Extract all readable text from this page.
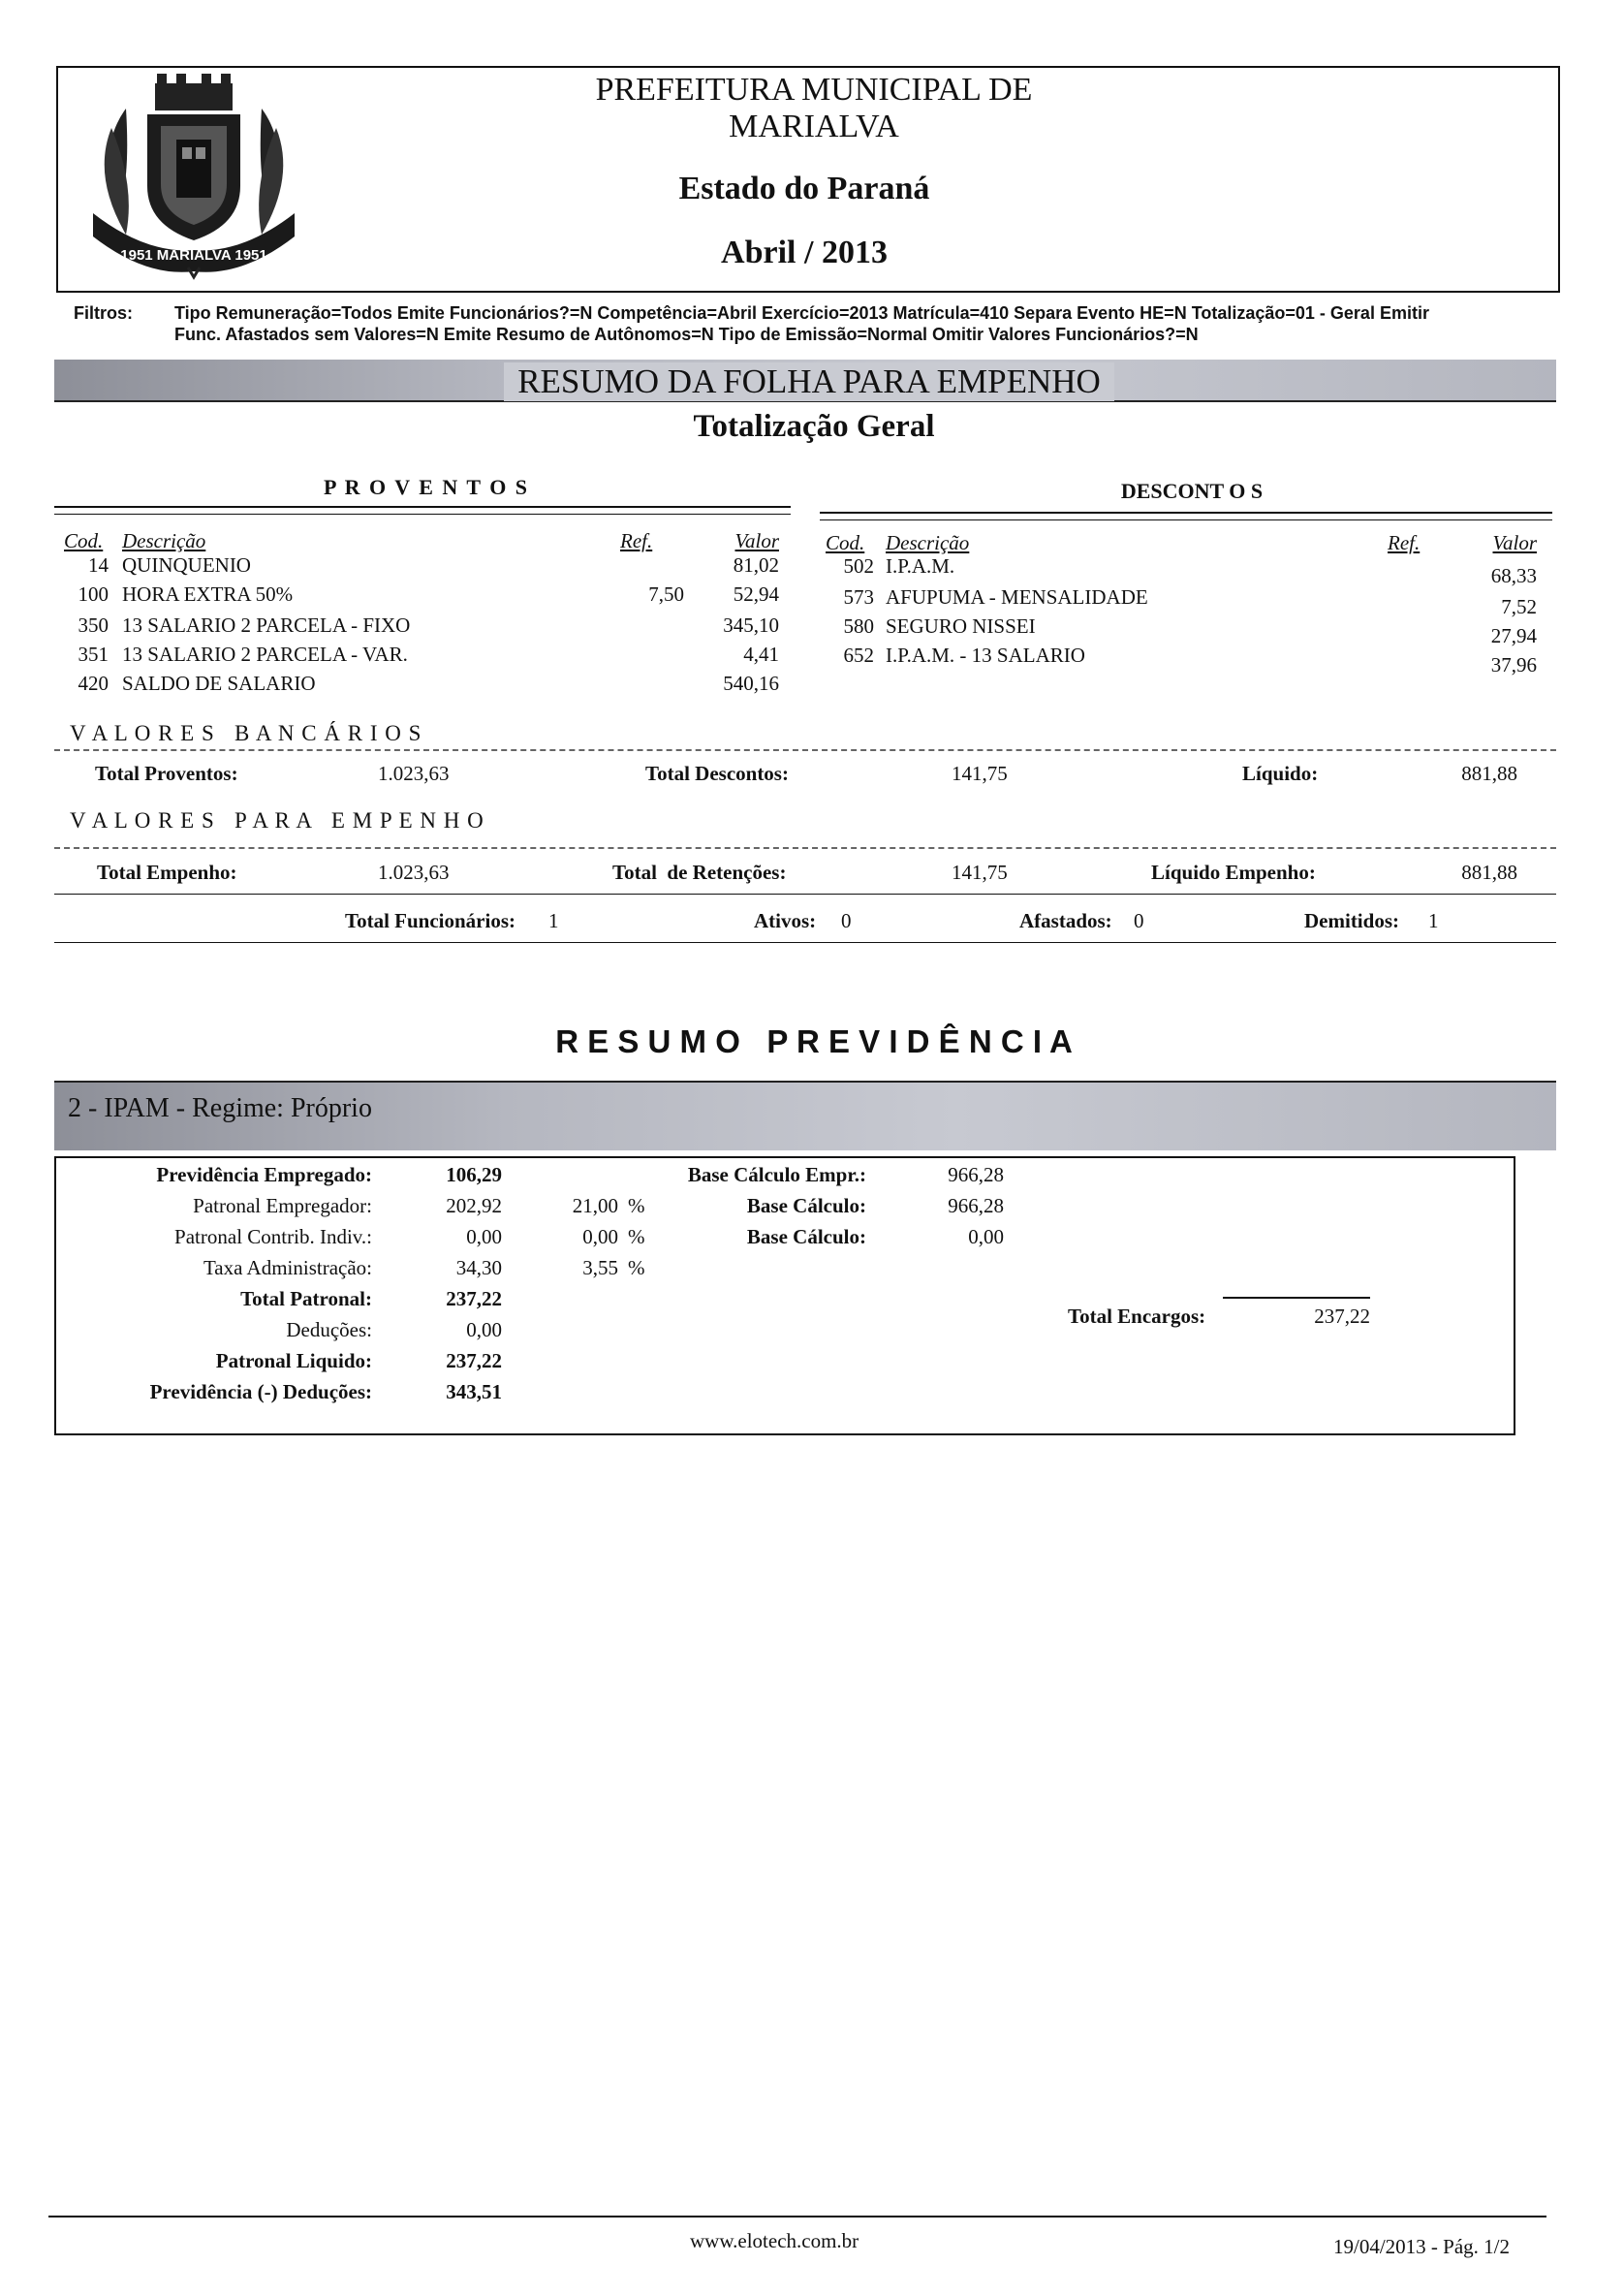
1951 MARIALVA 1951
PREFEITURA MUNICIPAL DE MARIALVA
Estado do Paraná
Abril / 2013
Filtros: Tipo Remuneração=Todos Emite Funcionários?=N Competência=Abril Exercício=2013 Matrícula=410 Separa Evento HE=N Totalização=01 - Geral Emitir
Func. Afastados sem Valores=N Emite Resumo de Autônomos=N Tipo de Emissão=Normal Omitir Valores Funcionários?=N
RESUMO DA FOLHA PARA EMPENHO
Totalização Geral
P R O V E N T O S
Cod. Descrição	Ref.	Valor
14 QUINQUENIO	81,02
100 HORA EXTRA 50%	7,50	52,94
350 13 SALARIO 2 PARCELA - FIXO	345,10
351 13 SALARIO 2 PARCELA - VAR.	4,41
420 SALDO DE SALARIO	540,16
DESCONT O S
Cod. Descrição	Ref.	Valor
502 I.P.A.M.	68,33
573 AFUPUMA - MENSALIDADE	7,52
580 SEGURO NISSEI	27,94
652 I.P.A.M. - 13 SALARIO	37,96
V A L O R E S   B A N C Á R I O S
Total Proventos:	1.023,63	Total Descontos:	141,75	Líquido:	881,88
V A L O R E S   P A R A   E M P E N H O
Total Empenho:	1.023,63	Total  de Retenções:	141,75	Líquido Empenho:	881,88
Total Funcionários: 1	Ativos: 0	Afastados: 0	Demitidos: 1
R E S U M O   P R E V I D Ê N C I A
2 - IPAM - Regime: Próprio
Previdência Empregado:	106,29	Base Cálculo Empr.:	966,28
Patronal Empregador:	202,92	21,00 %	Base Cálculo:	966,28
Patronal Contrib. Indiv.:	0,00	0,00 %	Base Cálculo:	0,00
Taxa Administração:	34,30	3,55 %
Total Patronal:	237,22
Deduções:	0,00
Patronal Liquido:	237,22
Previdência (-) Deduções:	343,51
Total Encargos:	237,22
www.elotech.com.br	19/04/2013 - Pág. 1/2
